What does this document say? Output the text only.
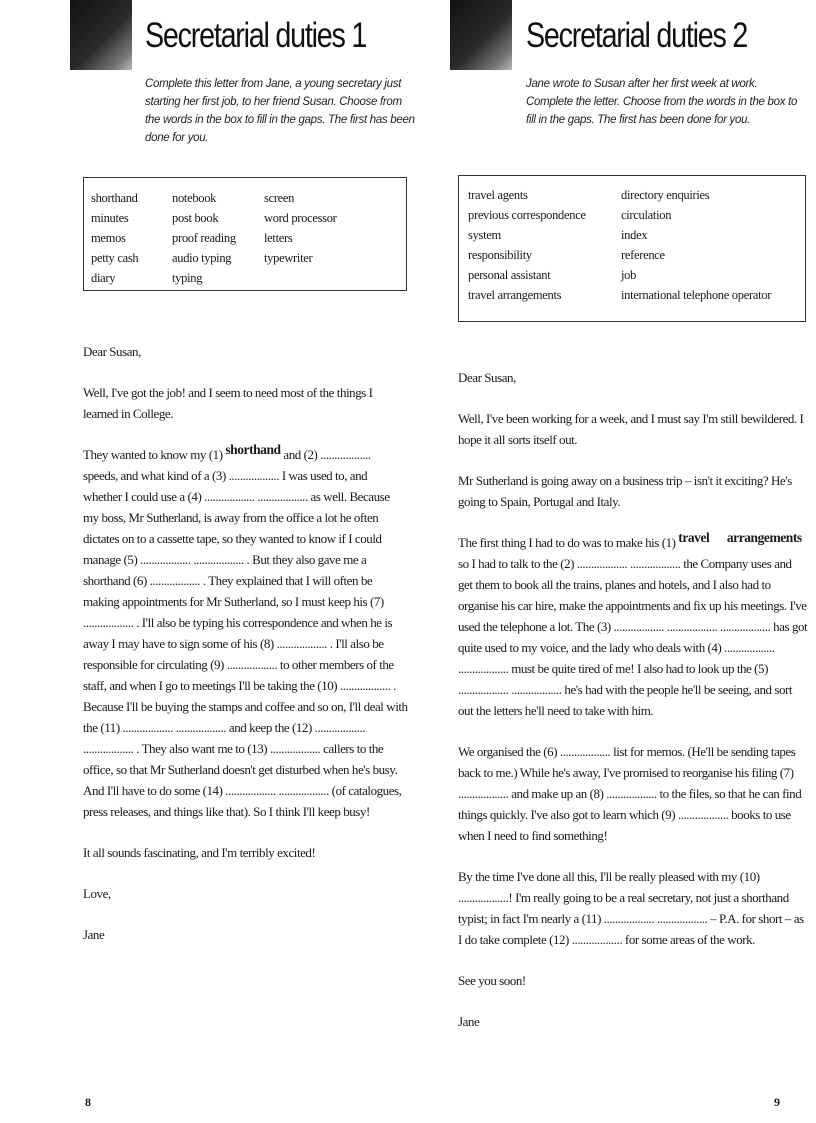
Secretarial duties 1

Complete this letter from Jane, a young secretary just starting her first job, to her friend Susan. Choose from the words in the box to fill in the gaps. The first has been done for you.

shorthand
minutes
memos
petty cash
diary
notebook
post book
proof reading
audio typing
typing
screen
word processor
letters
typewriter

Dear Susan,

Well, I've got the job! and I seem to need most of the things I learned in College.

They wanted to know my (1) shorthand and (2) .................. speeds, and what kind of a (3) .................. I was used to, and whether I could use a (4) .................. .................. as well. Because my boss, Mr Sutherland, is away from the office a lot he often dictates on to a cassette tape, so they wanted to know if I could manage (5) .................. .................. . But they also gave me a shorthand (6) .................. . They explained that I will often be making appointments for Mr Sutherland, so I must keep his (7) .................. . I'll also be typing his correspondence and when he is away I may have to sign some of his (8) .................. . I'll also be responsible for circulating (9) .................. to other members of the staff, and when I go to meetings I'll be taking the (10) .................. . Because I'll be buying the stamps and coffee and so on, I'll deal with the (11) .................. .................. and keep the (12) .................. .................. . They also want me to (13) .................. callers to the office, so that Mr Sutherland doesn't get disturbed when he's busy. And I'll have to do some (14) .................. .................. (of catalogues, press releases, and things like that). So I think I'll keep busy!

It all sounds fascinating, and I'm terribly excited!

Love,

Jane

8
Secretarial duties 2

Jane wrote to Susan after her first week at work. Complete the letter. Choose from the words in the box to fill in the gaps. The first has been done for you.

travel agents
previous correspondence
system
responsibility
personal assistant
travel arrangements
directory enquiries
circulation
index
reference
job
international telephone operator

Dear Susan,

Well, I've been working for a week, and I must say I'm still bewildered. I hope it all sorts itself out.

Mr Sutherland is going away on a business trip – isn't it exciting? He's going to Spain, Portugal and Italy.

The first thing I had to do was to make his (1) travel      arrangements so I had to talk to the (2) .................. .................. the Company uses and get them to book all the trains, planes and hotels, and I also had to organise his car hire, make the appointments and fix up his meetings. I've used the telephone a lot. The (3) .................. .................. .................. has got quite used to my voice, and the lady who deals with (4) .................. .................. must be quite tired of me! I also had to look up the (5) .................. .................. he's had with the people he'll be seeing, and sort out the letters he'll need to take with him.

We organised the (6) .................. list for memos. (He'll be sending tapes back to me.) While he's away, I've promised to reorganise his filing (7) .................. and make up an (8) .................. to the files, so that he can find things quickly. I've also got to learn which (9) .................. books to use when I need to find something!

By the time I've done all this, I'll be really pleased with my (10) ..................! I'm really going to be a real secretary, not just a shorthand typist; in fact I'm nearly a (11) .................. .................. – P.A. for short – as I do take complete (12) .................. for some areas of the work.

See you soon!

Jane

9
